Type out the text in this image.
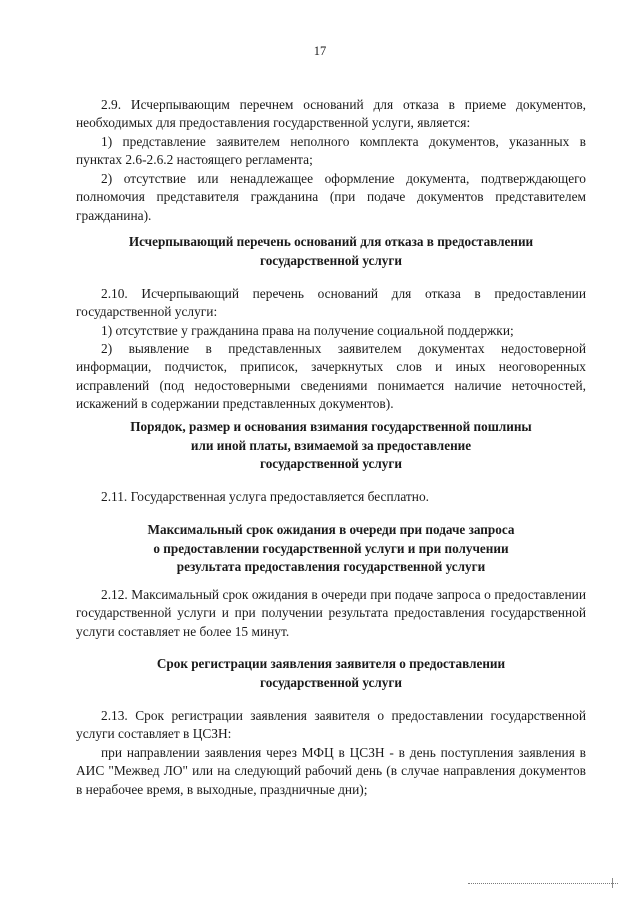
17

2.9. Исчерпывающим перечнем оснований для отказа в приеме документов, необходимых для предоставления государственной услуги, является:

1) представление заявителем неполного комплекта документов, указанных в пунктах 2.6-2.6.2 настоящего регламента;

2) отсутствие или ненадлежащее оформление документа, подтверждающего полномочия представителя гражданина (при подаче документов представителем гражданина).

Исчерпывающий перечень оснований для отказа в предоставлении
государственной услуги

2.10. Исчерпывающий перечень оснований для отказа в предоставлении государственной услуги:

1) отсутствие у гражданина права на получение социальной поддержки;

2) выявление в представленных заявителем документах недостоверной информации, подчисток, приписок, зачеркнутых слов и иных неоговоренных исправлений (под недостоверными сведениями понимается наличие неточностей, искажений в содержании представленных документов).

Порядок, размер и основания взимания государственной пошлины
или иной платы, взимаемой за предоставление
государственной услуги

2.11. Государственная услуга предоставляется бесплатно.

Максимальный срок ожидания в очереди при подаче запроса
о предоставлении государственной услуги и при получении
результата предоставления государственной услуги

2.12. Максимальный срок ожидания в очереди при подаче запроса о предоставлении государственной услуги и при получении результата предоставления государственной услуги составляет не более 15 минут.

Срок регистрации заявления заявителя о предоставлении
государственной услуги

2.13. Срок регистрации заявления заявителя о предоставлении государственной услуги составляет в ЦСЗН:

при направлении заявления через МФЦ в ЦСЗН - в день поступления заявления в АИС "Межвед ЛО" или на следующий рабочий день (в случае направления документов в нерабочее время, в выходные, праздничные дни);
